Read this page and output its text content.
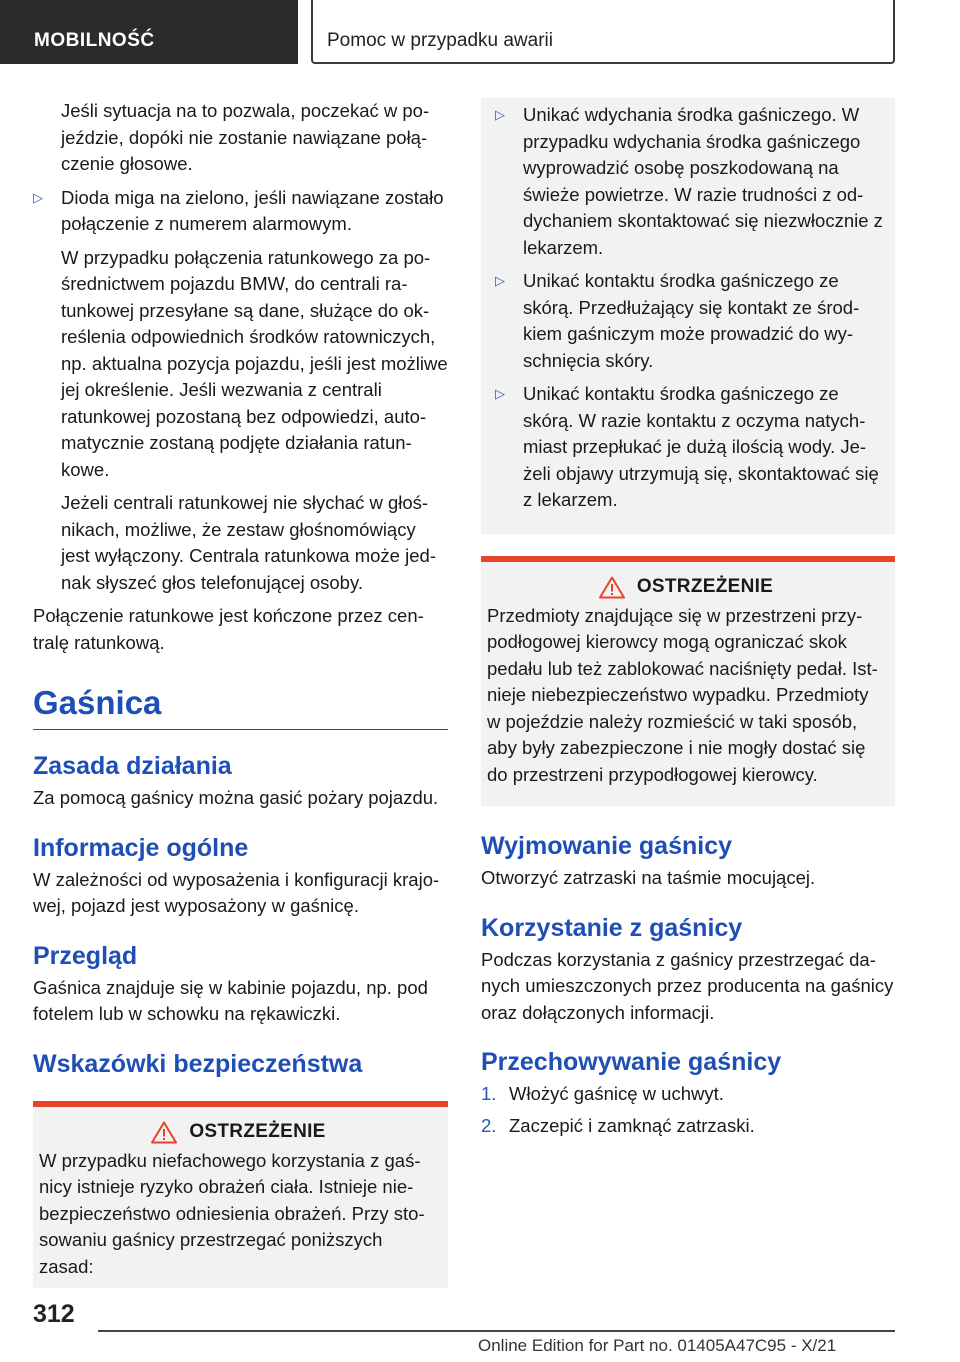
MOBILNOŚĆ	Pomoc w przypadku awarii

Jeśli sytuacja na to pozwala, poczekać w pojeździe, dopóki nie zostanie nawiązane połączenie głosowe.

▷ Dioda miga na zielono, jeśli nawiązane zostało połączenie z numerem alarmowym.

W przypadku połączenia ratunkowego za pośrednictwem pojazdu BMW, do centrali ratunkowej przesyłane są dane, służące do określenia odpowiednich środków ratowniczych, np. aktualna pozycja pojazdu, jeśli jest możliwe jej określenie. Jeśli wezwania z centrali ratunkowej pozostaną bez odpowiedzi, automatycznie zostaną podjęte działania ratunkowe.

Jeżeli centrali ratunkowej nie słychać w głośnikach, możliwe, że zestaw głośnomówiący jest wyłączony. Centrala ratunkowa może jednak słyszeć głos telefonującej osoby.

Połączenie ratunkowe jest kończone przez centralę ratunkową.

Gaśnica
Zasada działania

Za pomocą gaśnicy można gasić pożary pojazdu.

Informacje ogólne

W zależności od wyposażenia i konfiguracji krajowej, pojazd jest wyposażony w gaśnicę.

Przegląd

Gaśnica znajduje się w kabinie pojazdu, np. pod fotelem lub w schowku na rękawiczki.

Wskazówki bezpieczeństwa
OSTRZEŻENIE

W przypadku niefachowego korzystania z gaśnicy istnieje ryzyko obrażeń ciała. Istnieje niebezpieczeństwo odniesienia obrażeń. Przy stosowaniu gaśnicy przestrzegać poniższych zasad:

▷ Unikać wdychania środka gaśniczego. W przypadku wdychania środka gaśniczego wyprowadzić osobę poszkodowaną na świeże powietrze. W razie trudności z oddychaniem skontaktować się niezwłocznie z lekarzem.
▷ Unikać kontaktu środka gaśniczego ze skórą. Przedłużający się kontakt ze środkiem gaśniczym może prowadzić do wyschnięcia skóry.
▷ Unikać kontaktu środka gaśniczego ze skórą. W razie kontaktu z oczyma natychmiast przepłukać je dużą ilością wody. Jeżeli objawy utrzymują się, skontaktować się z lekarzem.
OSTRZEŻENIE

Przedmioty znajdujące się w przestrzeni przypodłogowej kierowcy mogą ograniczać skok pedału lub też zablokować naciśnięty pedał. Istnieje niebezpieczeństwo wypadku. Przedmioty w pojeździe należy rozmieścić w taki sposób, aby były zabezpieczone i nie mogły dostać się do przestrzeni przypodłogowej kierowcy.

Wyjmowanie gaśnicy

Otworzyć zatrzaski na taśmie mocującej.

Korzystanie z gaśnicy

Podczas korzystania z gaśnicy przestrzegać danych umieszczonych przez producenta na gaśnicy oraz dołączonych informacji.

Przechowywanie gaśnicy
1. Włożyć gaśnicę w uchwyt.
2. Zaczepić i zamknąć zatrzaski.
312
Online Edition for Part no. 01405A47C95 - X/21
